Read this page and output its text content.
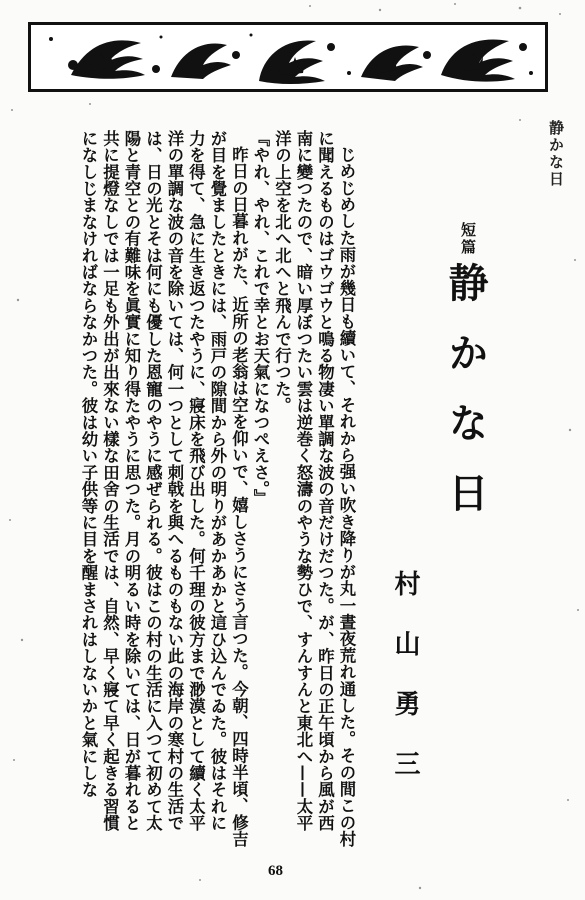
静かな日
短篇
静かな日
村山勇三

じめじめした雨が幾日も續いて、それから强い吹き降りが丸一晝夜荒れ通した。その間この村に聞えるものはゴウゴウと鳴る物凄い單調な波の音だけだつた。が、昨日の正午頃から風が西南に變つたので、暗い厚ぼつたい雲は逆巻く怒濤のやうな勢ひで、すんすんと東北へ——太平洋の上空を北へ北へと飛んで行つた。

『やれ、やれ、これで幸とお天氣になつぺえさ。』

昨日の日暮れがた、近所の老翁は空を仰いで、嬉しさうにさう言つた。今朝、四時半頃、修吉が目を覺ましたときには、雨戸の隙間から外の明りがあかあかと這ひ込んでゐた。彼はそれに力を得て、急に生き返つたやうに、寢床を飛び出した。何千理の彼方まで渺漠として續く太平洋の單調な波の音を除いては、何一つとして刺戟を與へるものもない此の海岸の寒村の生活では、日の光とそは何にも優した恩寵のやうに感ぜられる。彼はこの村の生活に入つて初めて太陽と青空との有難味を眞實に知り得たやうに思つた。月の明るい時を除いては、日が暮れると共に提燈なしでは一足も外出が出來ない樣な田舍の生活では、自然、早く寢て早く起きる習慣になしじまなければならなかつた。彼は幼い子供等に目を醒まされはしないかと氣にしな

68
